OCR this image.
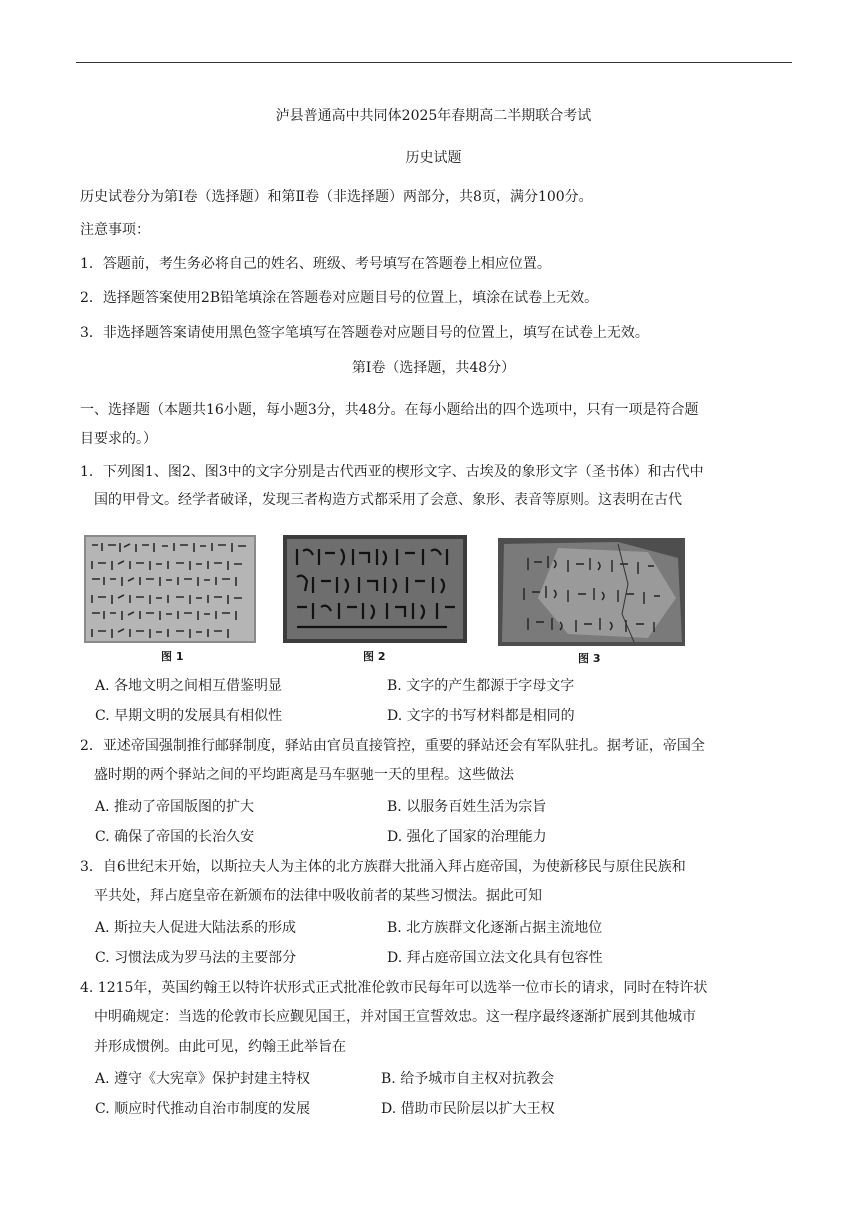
泸县普通高中共同体2025年春期高二半期联合考试
历史试题
历史试卷分为第Ⅰ卷（选择题）和第Ⅱ卷（非选择题）两部分，共8页，满分100分。
注意事项：
1．答题前，考生务必将自己的姓名、班级、考号填写在答题卷上相应位置。
2．选择题答案使用2B铅笔填涂在答题卷对应题目号的位置上，填涂在试卷上无效。
3．非选择题答案请使用黑色签字笔填写在答题卷对应题目号的位置上，填写在试卷上无效。
第Ⅰ卷（选择题，共48分）
一、选择题（本题共16小题，每小题3分，共48分。在每小题给出的四个选项中，只有一项是符合题
目要求的。）
1．下列图1、图2、图3中的文字分别是古代西亚的楔形文字、古埃及的象形文字（圣书体）和古代中
国的甲骨文。经学者破译，发现三者构造方式都采用了会意、象形、表音等原则。这表明在古代
图 1	图 2	图 3
A. 各地文明之间相互借鉴明显	B. 文字的产生都源于字母文字
C. 早期文明的发展具有相似性	D. 文字的书写材料都是相同的
2．亚述帝国强制推行邮驿制度，驿站由官员直接管控，重要的驿站还会有军队驻扎。据考证，帝国全
盛时期的两个驿站之间的平均距离是马车驱驰一天的里程。这些做法
A. 推动了帝国版图的扩大	B. 以服务百姓生活为宗旨
C. 确保了帝国的长治久安	D. 强化了国家的治理能力
3．自6世纪末开始，以斯拉夫人为主体的北方族群大批涌入拜占庭帝国，为使新移民与原住民族和
平共处，拜占庭皇帝在新颁布的法律中吸收前者的某些习惯法。据此可知
A. 斯拉夫人促进大陆法系的形成	B. 北方族群文化逐渐占据主流地位
C. 习惯法成为罗马法的主要部分	D. 拜占庭帝国立法文化具有包容性
4. 1215年，英国约翰王以特许状形式正式批准伦敦市民每年可以选举一位市长的请求，同时在特许状
中明确规定：当选的伦敦市长应觐见国王，并对国王宣誓效忠。这一程序最终逐渐扩展到其他城市
并形成惯例。由此可见，约翰王此举旨在
A. 遵守《大宪章》保护封建主特权	B. 给予城市自主权对抗教会
C. 顺应时代推动自治市制度的发展	D. 借助市民阶层以扩大王权
